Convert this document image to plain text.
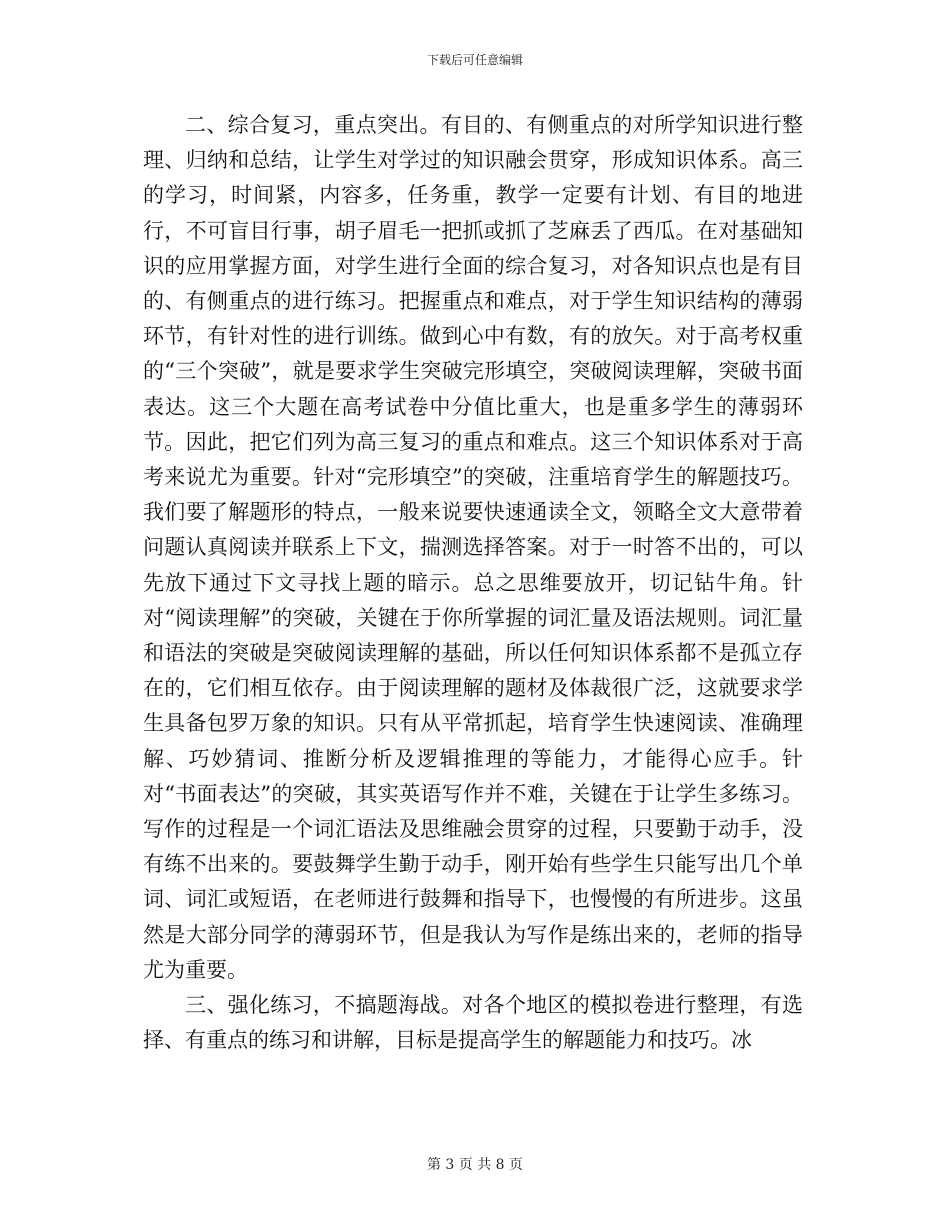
下载后可任意编辑

二、综合复习，重点突出。有目的、有侧重点的对所学知识进行整理、归纳和总结，让学生对学过的知识融会贯穿，形成知识体系。高三的学习，时间紧，内容多，任务重，教学一定要有计划、有目的地进行，不可盲目行事，胡子眉毛一把抓或抓了芝麻丢了西瓜。在对基础知识的应用掌握方面，对学生进行全面的综合复习，对各知识点也是有目的、有侧重点的进行练习。把握重点和难点，对于学生知识结构的薄弱环节，有针对性的进行训练。做到心中有数，有的放矢。对于高考权重的“三个突破”，就是要求学生突破完形填空，突破阅读理解，突破书面表达。这三个大题在高考试卷中分值比重大，也是重多学生的薄弱环节。因此，把它们列为高三复习的重点和难点。这三个知识体系对于高考来说尤为重要。针对“完形填空”的突破，注重培育学生的解题技巧。我们要了解题形的特点，一般来说要快速通读全文，领略全文大意带着问题认真阅读并联系上下文，揣测选择答案。对于一时答不出的，可以先放下通过下文寻找上题的暗示。总之思维要放开，切记钻牛角。针对“阅读理解”的突破，关键在于你所掌握的词汇量及语法规则。词汇量和语法的突破是突破阅读理解的基础，所以任何知识体系都不是孤立存在的，它们相互依存。由于阅读理解的题材及体裁很广泛，这就要求学生具备包罗万象的知识。只有从平常抓起，培育学生快速阅读、准确理解、巧妙猜词、推断分析及逻辑推理的等能力，才能得心应手。针对“书面表达”的突破，其实英语写作并不难，关键在于让学生多练习。写作的过程是一个词汇语法及思维融会贯穿的过程，只要勤于动手，没有练不出来的。要鼓舞学生勤于动手，刚开始有些学生只能写出几个单词、词汇或短语，在老师进行鼓舞和指导下，也慢慢的有所进步。这虽然是大部分同学的薄弱环节，但是我认为写作是练出来的，老师的指导尤为重要。

三、强化练习，不搞题海战。对各个地区的模拟卷进行整理，有选择、有重点的练习和讲解，目标是提高学生的解题能力和技巧。冰

第 3 页 共 8 页
